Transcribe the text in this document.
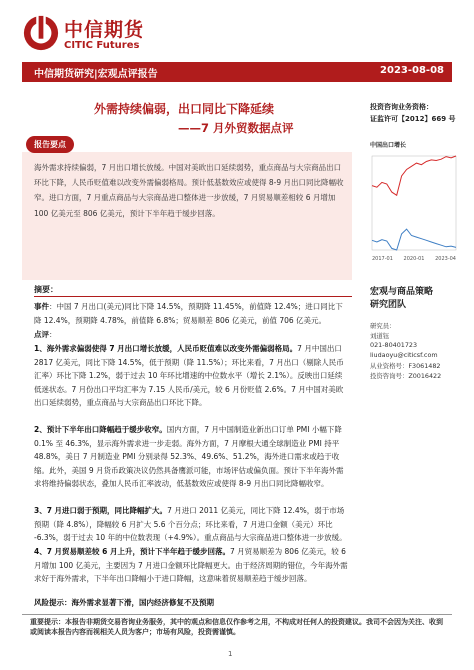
中信期货
CITIC Futures
中信期货研究|宏观点评报告	2023-08-08
外需持续偏弱，出口同比下降延续
——7 月外贸数据点评
报告要点
海外需求持续偏弱，7 月出口增长放缓。中国对美欧出口延续弱势，重点商品与大宗商品出口环比下降，人民币贬值难以改变外需偏弱格局。预计低基数效应或使得 8-9 月出口同比降幅收窄。进口方面，7 月重点商品与大宗商品进口整体进一步放缓，7 月贸易顺差相较 6 月增加 100 亿美元至 806 亿美元，预计下半年趋于缓步回落。
投资咨询业务资格：
证监许可【2012】669 号
中国出口增长
2017-01 2020-01 2023-04
宏观与商品策略
研究团队
研究员：
刘道钰
021-80401723
liudaoyu@citicsf.com
从业资格号：F3061482
投资咨询号：Z0016422
摘要：
事件：中国 7 月出口(美元)同比下降 14.5%，预期降 11.45%，前值降 12.4%；进口同比下降 12.4%，预期降 4.78%，前值降 6.8%；贸易顺差 806 亿美元，前值 706 亿美元。
点评：
1、海外需求偏弱使得 7 月出口增长放缓，人民币贬值难以改变外需偏弱格局。7 月中国出口 2817 亿美元，同比下降 14.5%，低于预期（降 11.5%）；环比来看，7 月出口（剔除人民币汇率）环比下降 1.2%，弱于过去 10 年环比增速的中位数水平（增长 2.1%）。反映出口延续低迷状态。7 月份出口平均汇率为 7.15 人民币/美元，较 6 月份贬值 2.6%。7 月中国对美欧出口延续弱势，重点商品与大宗商品出口环比下降。
2、预计下半年出口降幅趋于缓步收窄。国内方面，7 月中国制造业新出口订单 PMI 小幅下降 0.1% 至 46.3%，显示海外需求进一步走弱。海外方面，7 月摩根大通全球制造业 PMI 持平 48.8%，美日 7 月制造业 PMI 分别录得 52.3%、49.6%、51.2%，海外进口需求或趋于收缩。此外，美国 9 月货币政策决议仍然具备鹰派可能，市场评估或偏负面。预计下半年海外需求将维持偏弱状态，叠加人民币汇率波动，低基数效应或使得 8-9 月出口同比降幅收窄。
3、7 月进口弱于预期，同比降幅扩大。7 月进口 2011 亿美元，同比下降 12.4%，弱于市场预期（降 4.8%），降幅较 6 月扩大 5.6 个百分点；环比来看，7 月进口金额（美元）环比 -6.3%，弱于过去 10 年的中位数表现（+4.9%）。重点商品与大宗商品进口整体进一步放缓。
4、7 月贸易顺差较 6 月上升，预计下半年趋于缓步回落。7 月贸易顺差为 806 亿美元，较 6 月增加 100 亿美元，主要因为 7 月进口金额环比降幅更大。由于经济周期的错位，今年海外需求好于海外需求，下半年出口降幅小于进口降幅，这意味着贸易顺差趋于缓步回落。
风险提示：海外需求显著下滑，国内经济修复不及预期
重要提示：本报告非期货交易咨询业务服务，其中的观点和信息仅作参考之用，不构成对任何人的投资建议。我司不会因为关注、收到或阅读本报告内容而视相关人员为客户；市场有风险，投资需谨慎。
1
